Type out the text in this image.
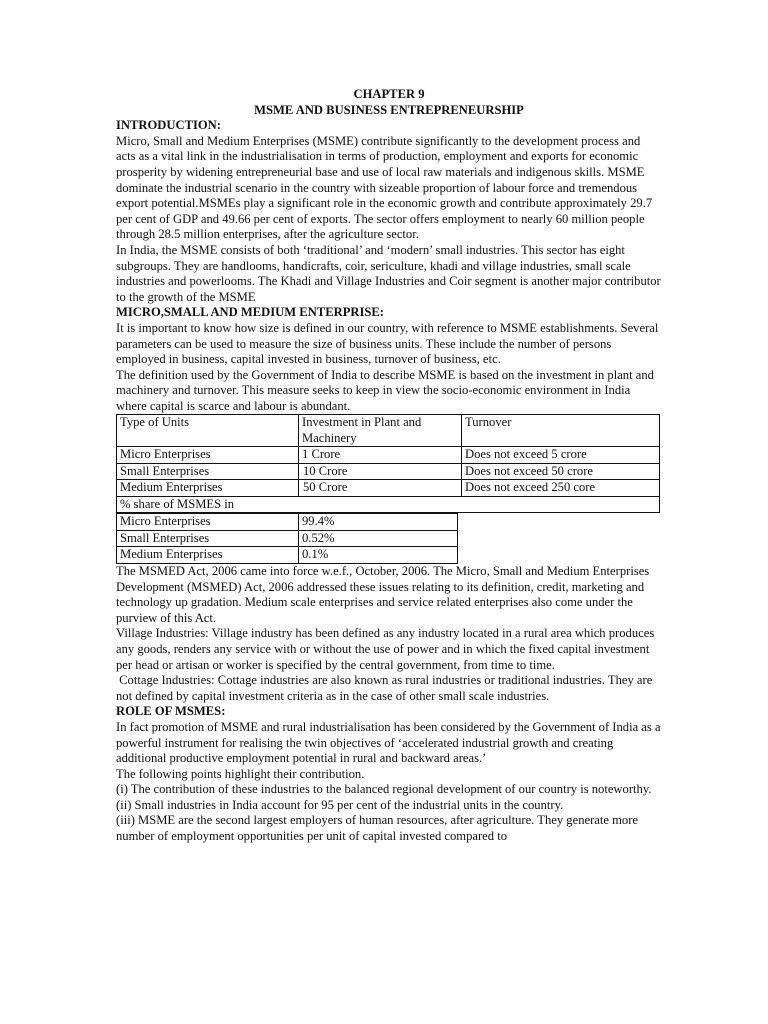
CHAPTER 9

MSME AND BUSINESS ENTREPRENEURSHIP

INTRODUCTION:

Micro, Small and Medium Enterprises (MSME) contribute significantly to the development process and acts as a vital link in the industrialisation in terms of production, employment and exports for economic prosperity by widening entrepreneurial base and use of local raw materials and indigenous skills. MSME dominate the industrial scenario in the country with sizeable proportion of labour force and tremendous export potential.MSMEs play a significant role in the economic growth and contribute approximately 29.7 per cent of GDP and 49.66 per cent of exports. The sector offers employment to nearly 60 million people through 28.5 million enterprises, after the agriculture sector.

In India, the MSME consists of both ‘traditional’ and ‘modern’ small industries. This sector has eight subgroups. They are handlooms, handicrafts, coir, sericulture, khadi and village industries, small scale industries and powerlooms. The Khadi and Village Industries and Coir segment is another major contributor to the growth of the MSME

MICRO,SMALL AND MEDIUM ENTERPRISE:

It is important to know how size is defined in our country, with reference to MSME establishments. Several parameters can be used to measure the size of business units. These include the number of persons employed in business, capital invested in business, turnover of business, etc.

The definition used by the Government of India to describe MSME is based on the investment in plant and machinery and turnover. This measure seeks to keep in view the socio-economic environment in India where capital is scarce and labour is abundant.

Type of Units	Investment in Plant and Machinery	Turnover
Micro Enterprises	1 Crore	Does not exceed 5 crore
Small Enterprises	10 Crore	Does not exceed 50 crore
Medium Enterprises	50 Crore	Does not exceed 250 core
% share of MSMES in		
Micro Enterprises	99.4%
Small Enterprises	0.52%
Medium Enterprises	0.1%

The MSMED Act, 2006 came into force w.e.f., October, 2006. The Micro, Small and Medium Enterprises Development (MSMED) Act, 2006 addressed these issues relating to its definition, credit, marketing and technology up gradation. Medium scale enterprises and service related enterprises also come under the purview of this Act.

Village Industries: Village industry has been defined as any industry located in a rural area which produces any goods, renders any service with or without the use of power and in which the fixed capital investment per head or artisan or worker is specified by the central government, from time to time.

Cottage Industries: Cottage industries are also known as rural industries or traditional industries. They are not defined by capital investment criteria as in the case of other small scale industries.

ROLE OF MSMES:

In fact promotion of MSME and rural industrialisation has been considered by the Government of India as a powerful instrument for realising the twin objectives of ‘accelerated industrial growth and creating additional productive employment potential in rural and backward areas.’

The following points highlight their contribution.

(i) The contribution of these industries to the balanced regional development of our country is noteworthy.

(ii) Small industries in India account for 95 per cent of the industrial units in the country.

(iii) MSME are the second largest employers of human resources, after agriculture. They generate more number of employment opportunities per unit of capital invested compared to
